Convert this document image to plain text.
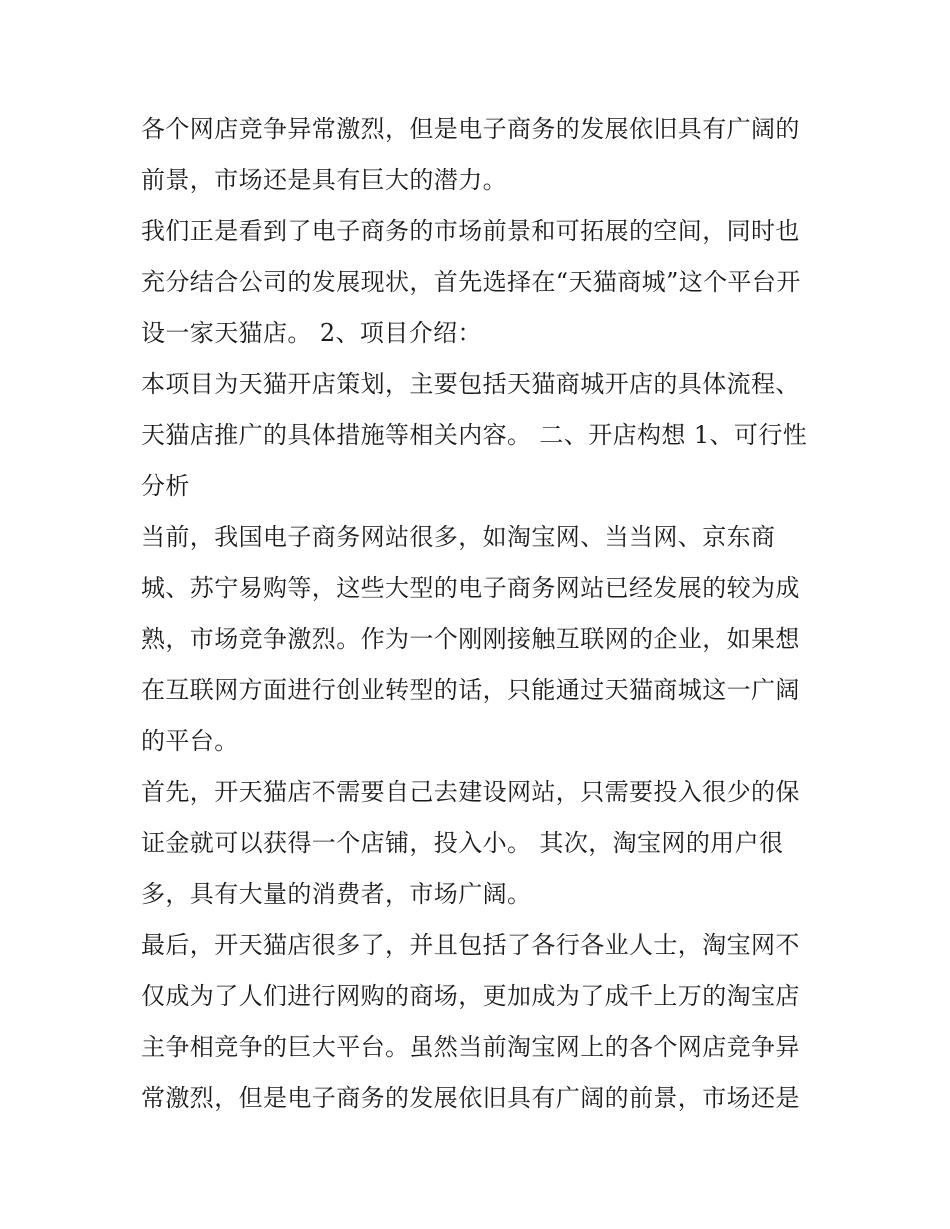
各个网店竞争异常激烈，但是电子商务的发展依旧具有广阔的
前景，市场还是具有巨大的潜力。
我们正是看到了电子商务的市场前景和可拓展的空间，同时也
充分结合公司的发展现状，首先选择在“天猫商城”这个平台开
设一家天猫店。 2、项目介绍：
本项目为天猫开店策划，主要包括天猫商城开店的具体流程、
天猫店推广的具体措施等相关内容。 二、开店构想 1、可行性
分析
当前，我国电子商务网站很多，如淘宝网、当当网、京东商
城、苏宁易购等，这些大型的电子商务网站已经发展的较为成
熟，市场竞争激烈。作为一个刚刚接触互联网的企业，如果想
在互联网方面进行创业转型的话，只能通过天猫商城这一广阔
的平台。
首先，开天猫店不需要自己去建设网站，只需要投入很少的保
证金就可以获得一个店铺，投入小。 其次，淘宝网的用户很
多，具有大量的消费者，市场广阔。
最后，开天猫店很多了，并且包括了各行各业人士，淘宝网不
仅成为了人们进行网购的商场，更加成为了成千上万的淘宝店
主争相竞争的巨大平台。虽然当前淘宝网上的各个网店竞争异
常激烈，但是电子商务的发展依旧具有广阔的前景，市场还是
